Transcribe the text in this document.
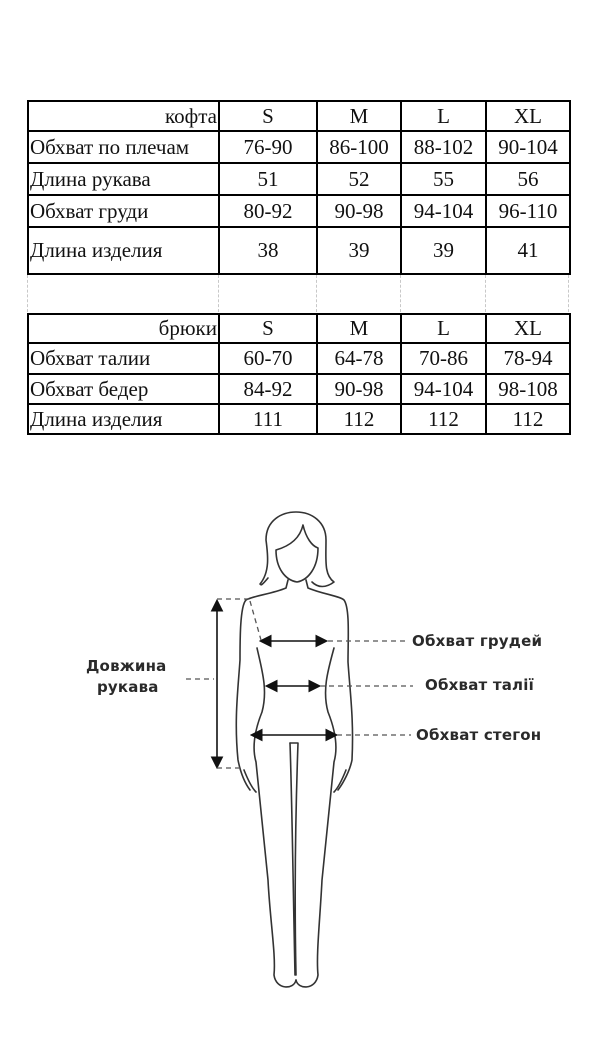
кофта	S	M	L	XL
Обхват по плечам	76-90	86-100	88-102	90-104
Длина рукава	51	52	55	56
Обхват груди	80-92	90-98	94-104	96-110
Длина изделия	38	39	39	41
брюки	S	M	L	XL
Обхват талии	60-70	64-78	70-86	78-94
Обхват бедер	84-92	90-98	94-104	98-108
Длина изделия	111	112	112	112
Довжина
рукава
Обхват грудей
Обхват талії
Обхват стегон
